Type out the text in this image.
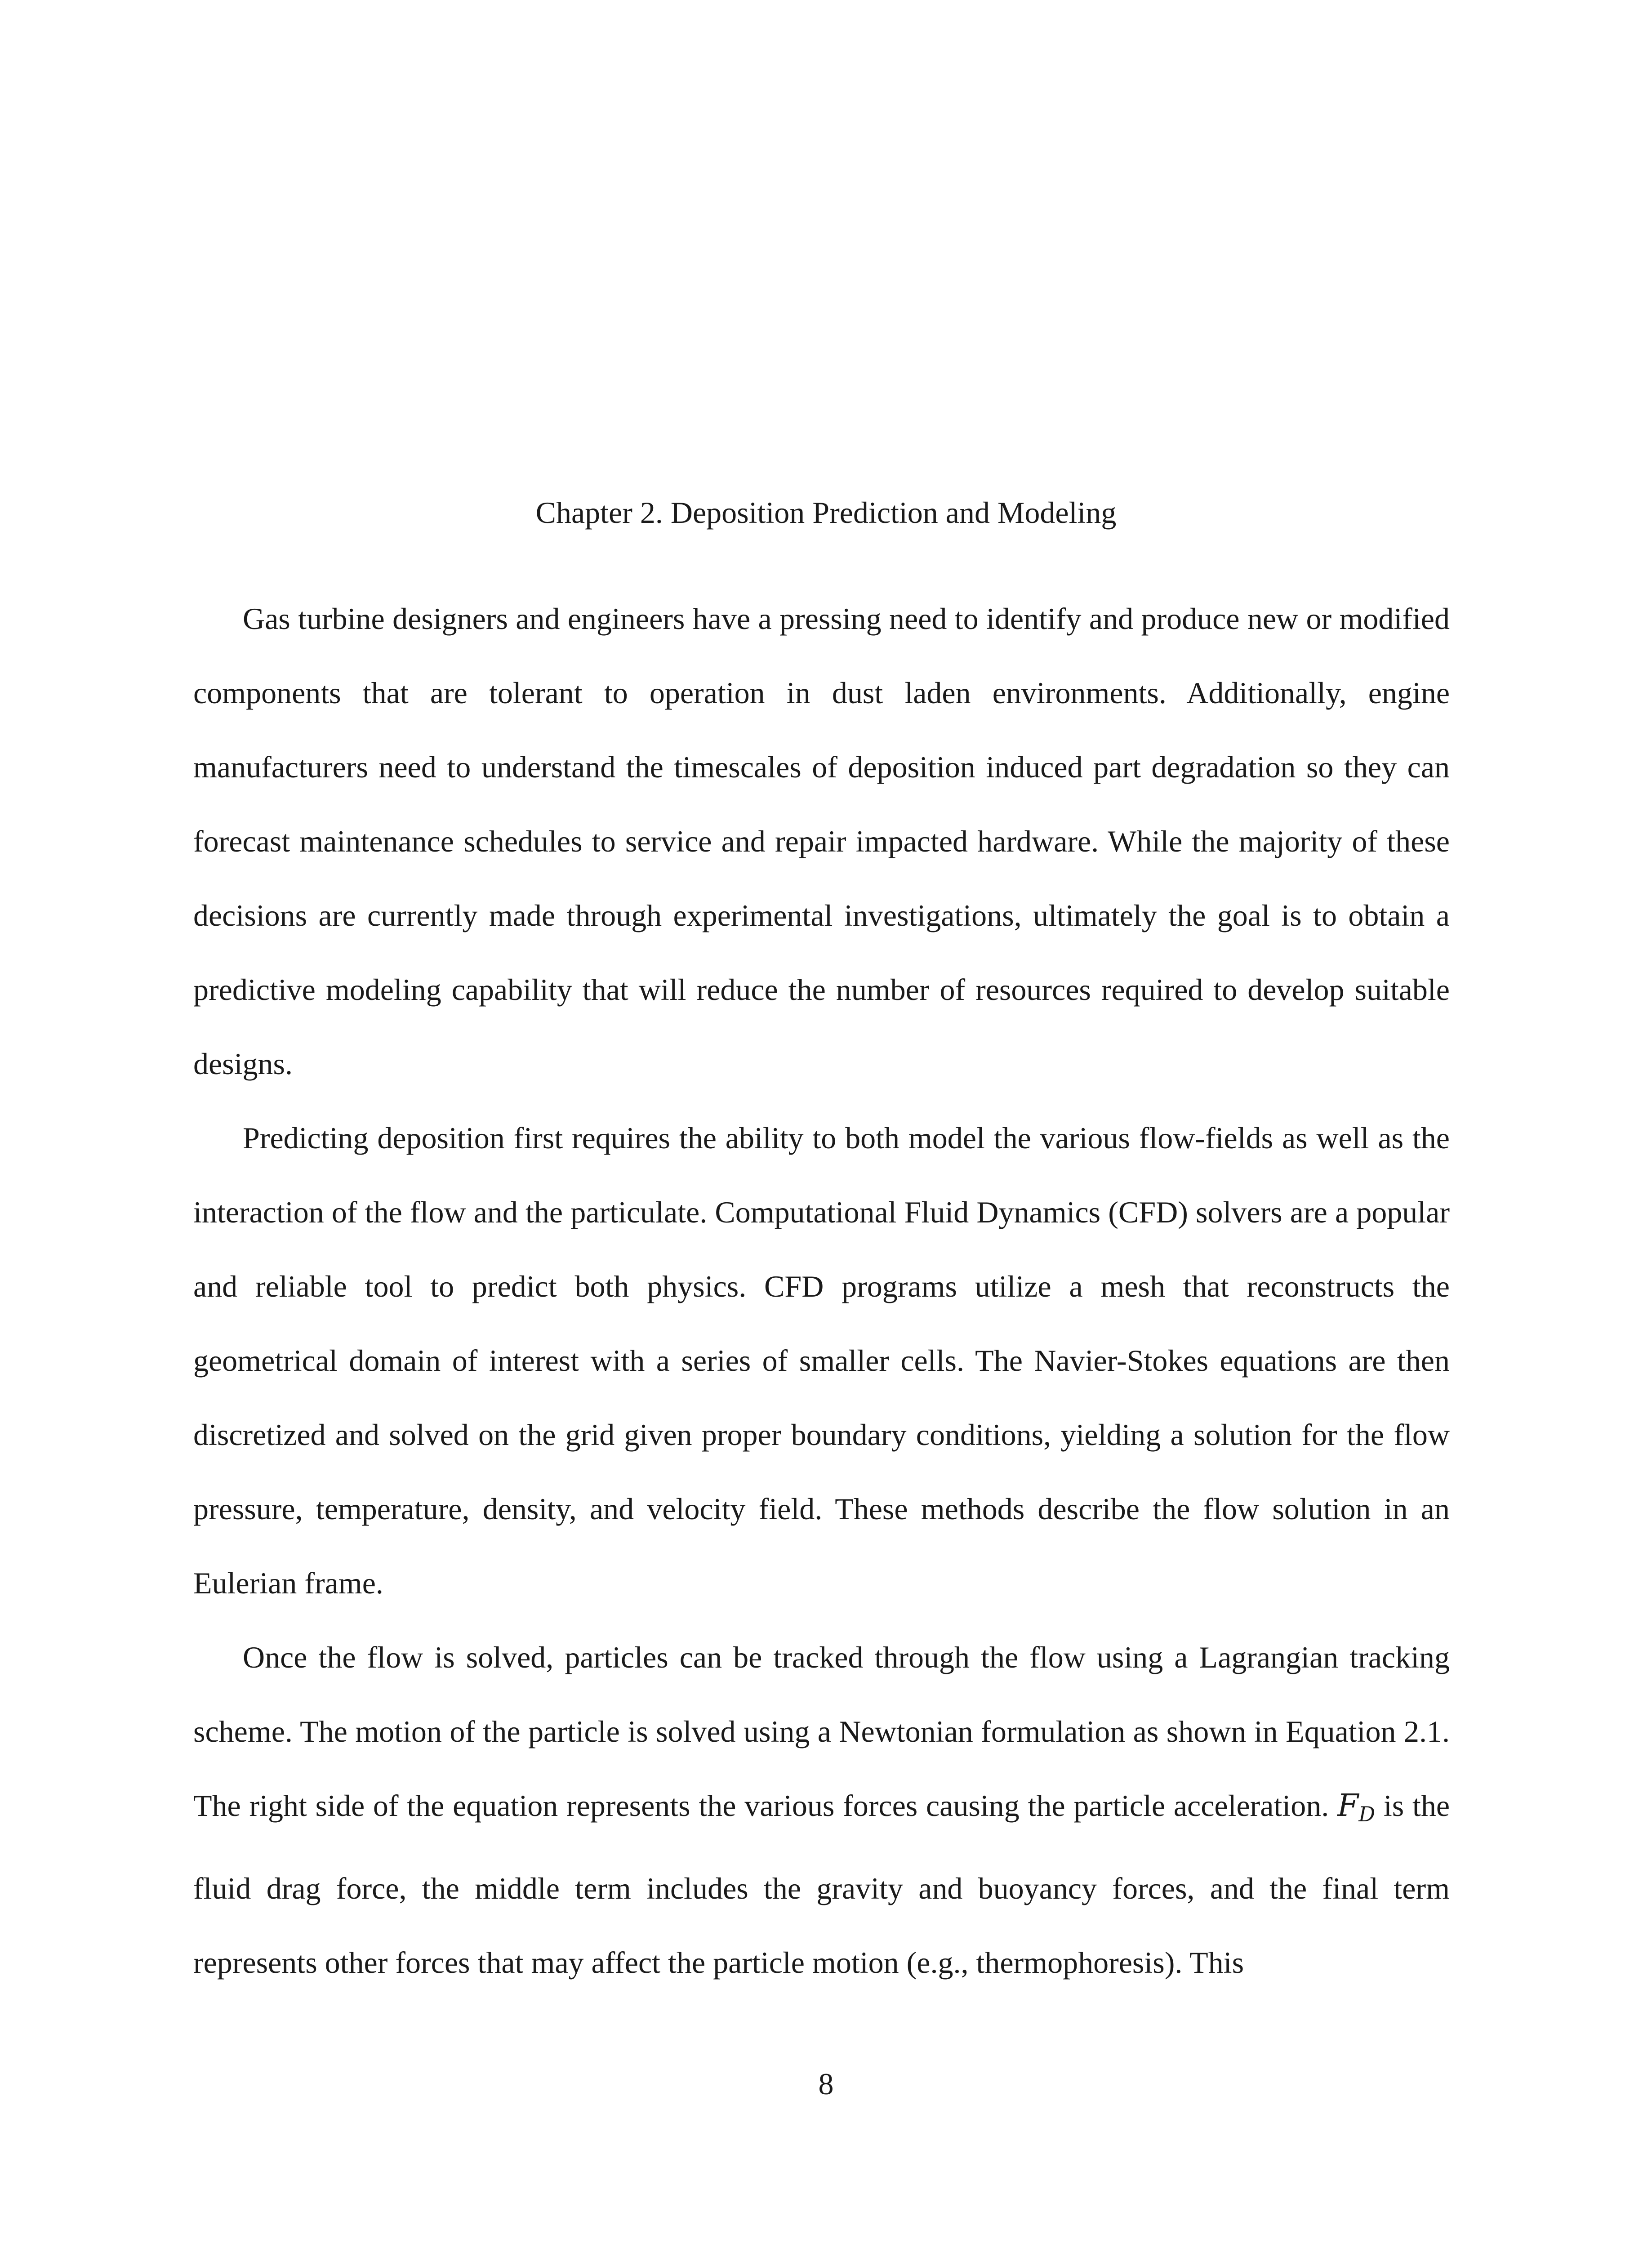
Chapter 2. Deposition Prediction and Modeling

Gas turbine designers and engineers have a pressing need to identify and produce new or modified components that are tolerant to operation in dust laden environments. Additionally, engine manufacturers need to understand the timescales of deposition induced part degradation so they can forecast maintenance schedules to service and repair impacted hardware. While the majority of these decisions are currently made through experimental investigations, ultimately the goal is to obtain a predictive modeling capability that will reduce the number of resources required to develop suitable designs.

Predicting deposition first requires the ability to both model the various flow-fields as well as the interaction of the flow and the particulate. Computational Fluid Dynamics (CFD) solvers are a popular and reliable tool to predict both physics. CFD programs utilize a mesh that reconstructs the geometrical domain of interest with a series of smaller cells. The Navier-Stokes equations are then discretized and solved on the grid given proper boundary conditions, yielding a solution for the flow pressure, temperature, density, and velocity field. These methods describe the flow solution in an Eulerian frame.

Once the flow is solved, particles can be tracked through the flow using a Lagrangian tracking scheme. The motion of the particle is solved using a Newtonian formulation as shown in Equation 2.1. The right side of the equation represents the various forces causing the particle acceleration. $F_D$ is the fluid drag force, the middle term includes the gravity and buoyancy forces, and the final term represents other forces that may affect the particle motion (e.g., thermophoresis). This

8
